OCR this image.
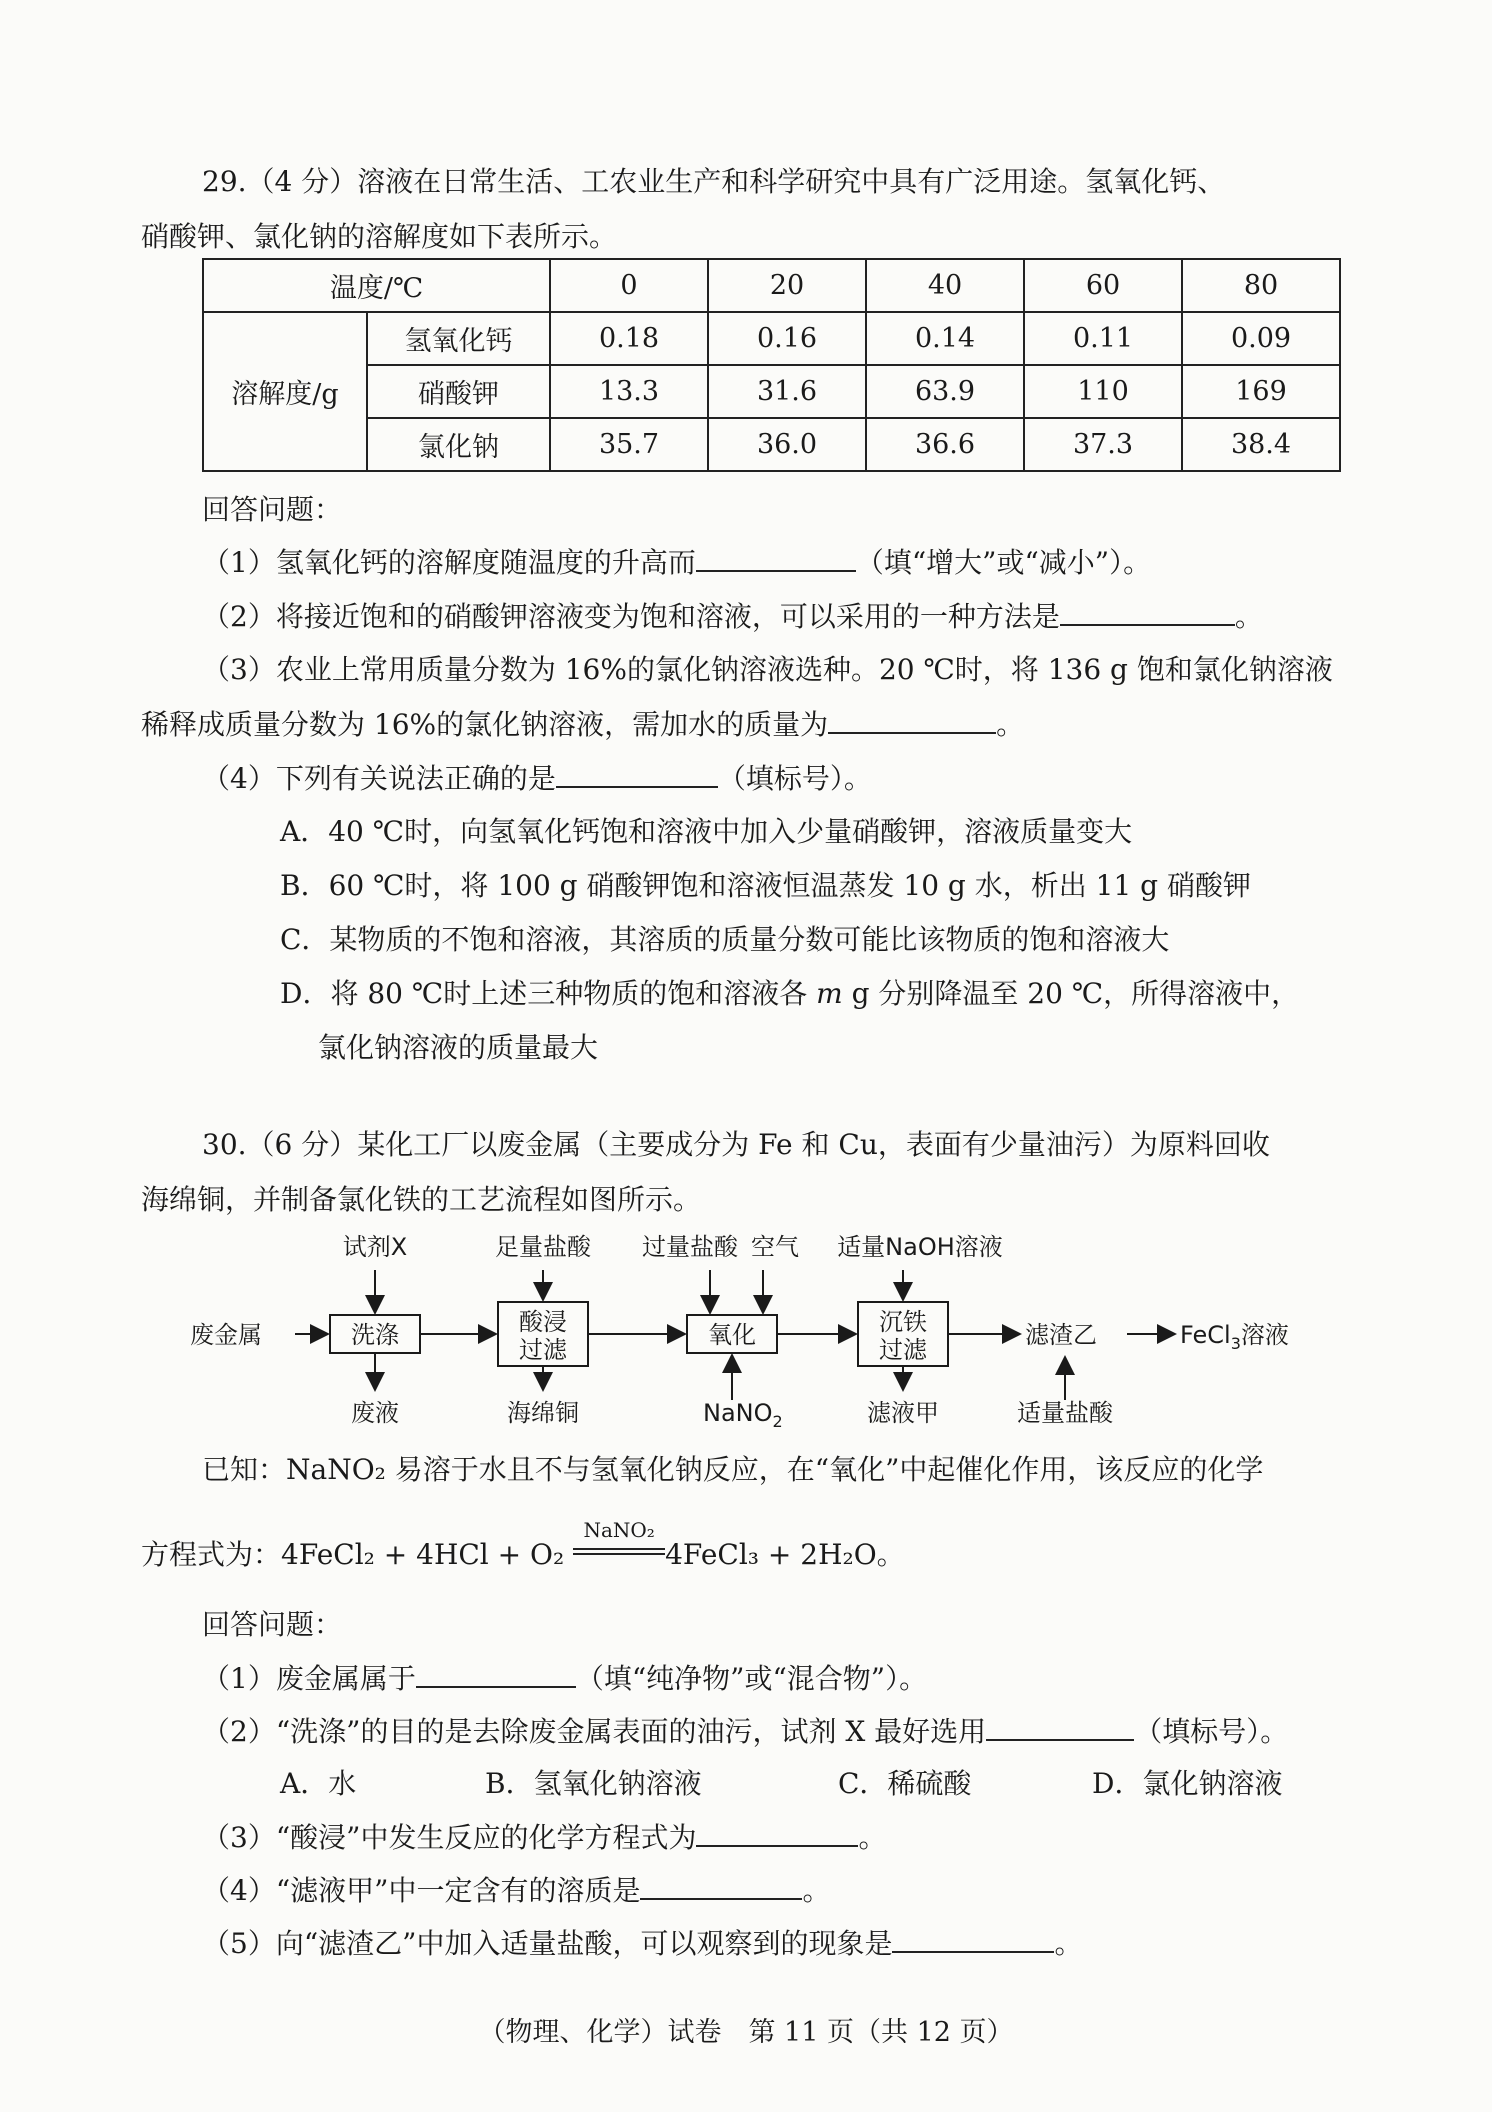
29.（4 分）溶液在日常生活、工农业生产和科学研究中具有广泛用途。氢氧化钙、
硝酸钾、氯化钠的溶解度如下表所示。
温度/℃		0	20	40	60	80
溶解度/g	氢氧化钙	0.18	0.16	0.14	0.11	0.09
	硝酸钾	13.3	31.6	63.9	110	169
	氯化钠	35.7	36.0	36.6	37.3	38.4
回答问题：
（1）氢氧化钙的溶解度随温度的升高而	（填“增大”或“减小”）。
（2）将接近饱和的硝酸钾溶液变为饱和溶液，可以采用的一种方法是	。
（3）农业上常用质量分数为 16%的氯化钠溶液选种。20 ℃时，将 136 g 饱和氯化钠溶液
稀释成质量分数为 16%的氯化钠溶液，需加水的质量为	。
（4）下列有关说法正确的是	（填标号）。
A．40 ℃时，向氢氧化钙饱和溶液中加入少量硝酸钾，溶液质量变大
B．60 ℃时，将 100 g 硝酸钾饱和溶液恒温蒸发 10 g 水，析出 11 g 硝酸钾
C．某物质的不饱和溶液，其溶质的质量分数可能比该物质的饱和溶液大
D．将 80 ℃时上述三种物质的饱和溶液各 m g 分别降温至 20 ℃，所得溶液中，
氯化钠溶液的质量最大
30.（6 分）某化工厂以废金属（主要成分为 Fe 和 Cu，表面有少量油污）为原料回收
海绵铜，并制备氯化铁的工艺流程如图所示。
废金属	洗涤	酸浸
过滤
氧化	沉铁
过滤
试剂X	足量盐酸 过量盐酸 空气 适量NaOH溶液
废液	海绵铜	NaNO$_2$	滤液甲
滤渣乙	FeCl$_3$溶液
适量盐酸
已知：NaNO₂ 易溶于水且不与氢氧化钠反应，在“氧化”中起催化作用，该反应的化学
方程式为：4FeCl₂ + 4HCl + O₂
NaNO₂
4FeCl₃ + 2H₂O。
回答问题：
（1）废金属属于	（填“纯净物”或“混合物”）。
（2）“洗涤”的目的是去除废金属表面的油污，试剂 X 最好选用	（填标号）。
A．水	B．氢氧化钠溶液	C．稀硫酸	D．氯化钠溶液
（3）“酸浸”中发生反应的化学方程式为	。
（4）“滤液甲”中一定含有的溶质是	。
（5）向“滤渣乙”中加入适量盐酸，可以观察到的现象是	。
（物理、化学）试卷　第 11 页（共 12 页）
